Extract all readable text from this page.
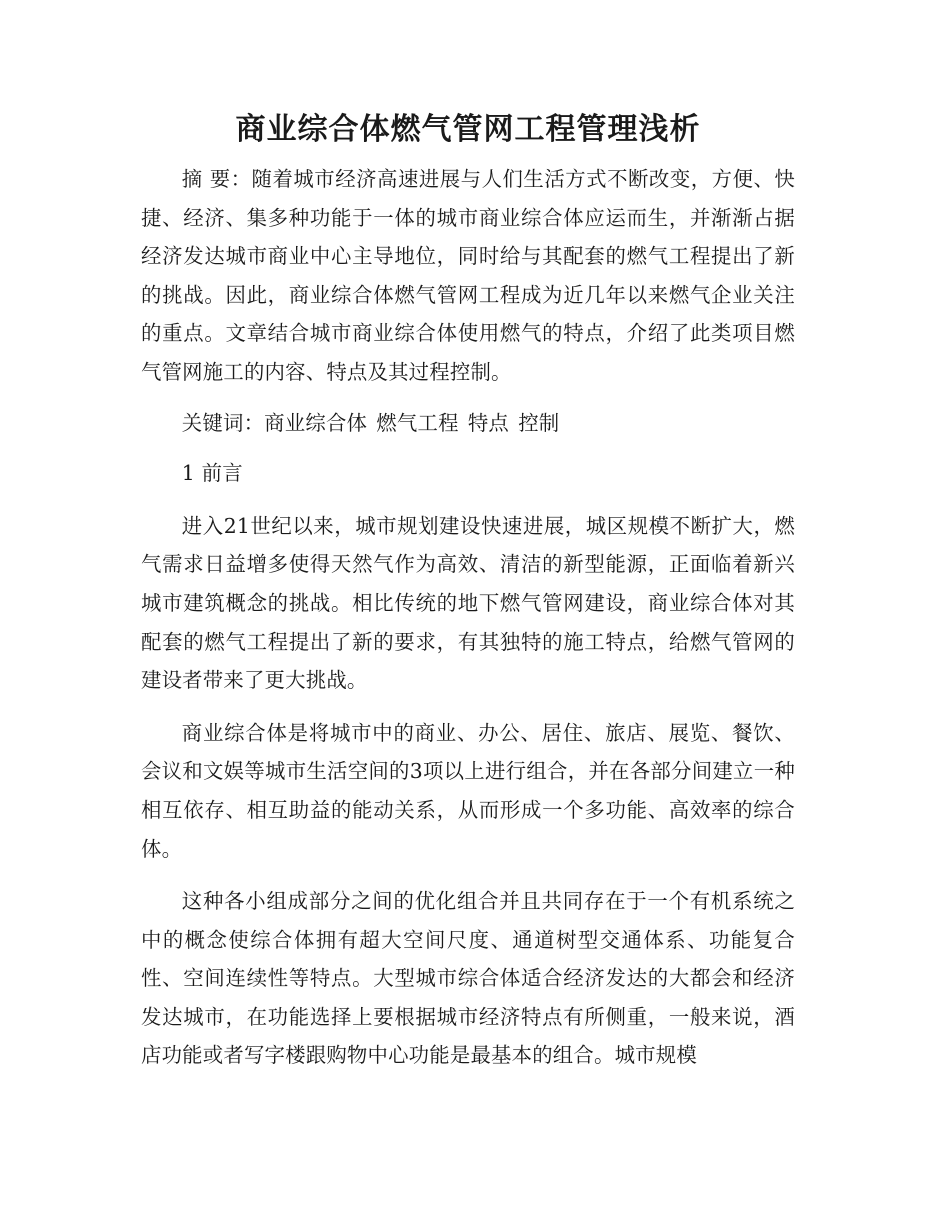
商业综合体燃气管网工程管理浅析

摘 要：随着城市经济高速进展与人们生活方式不断改变，方便、快捷、经济、集多种功能于一体的城市商业综合体应运而生，并渐渐占据经济发达城市商业中心主导地位，同时给与其配套的燃气工程提出了新的挑战。因此，商业综合体燃气管网工程成为近几年以来燃气企业关注的重点。文章结合城市商业综合体使用燃气的特点，介绍了此类项目燃气管网施工的内容、特点及其过程控制。

关键词：商业综合体 燃气工程 特点 控制

1 前言

进入21世纪以来，城市规划建设快速进展，城区规模不断扩大，燃气需求日益增多使得天然气作为高效、清洁的新型能源，正面临着新兴城市建筑概念的挑战。相比传统的地下燃气管网建设，商业综合体对其配套的燃气工程提出了新的要求，有其独特的施工特点，给燃气管网的建设者带来了更大挑战。

商业综合体是将城市中的商业、办公、居住、旅店、展览、餐饮、会议和文娱等城市生活空间的3项以上进行组合，并在各部分间建立一种相互依存、相互助益的能动关系，从而形成一个多功能、高效率的综合体。

这种各小组成部分之间的优化组合并且共同存在于一个有机系统之中的概念使综合体拥有超大空间尺度、通道树型交通体系、功能复合性、空间连续性等特点。大型城市综合体适合经济发达的大都会和经济发达城市，在功能选择上要根据城市经济特点有所侧重，一般来说，酒店功能或者写字楼跟购物中心功能是最基本的组合。城市规模
